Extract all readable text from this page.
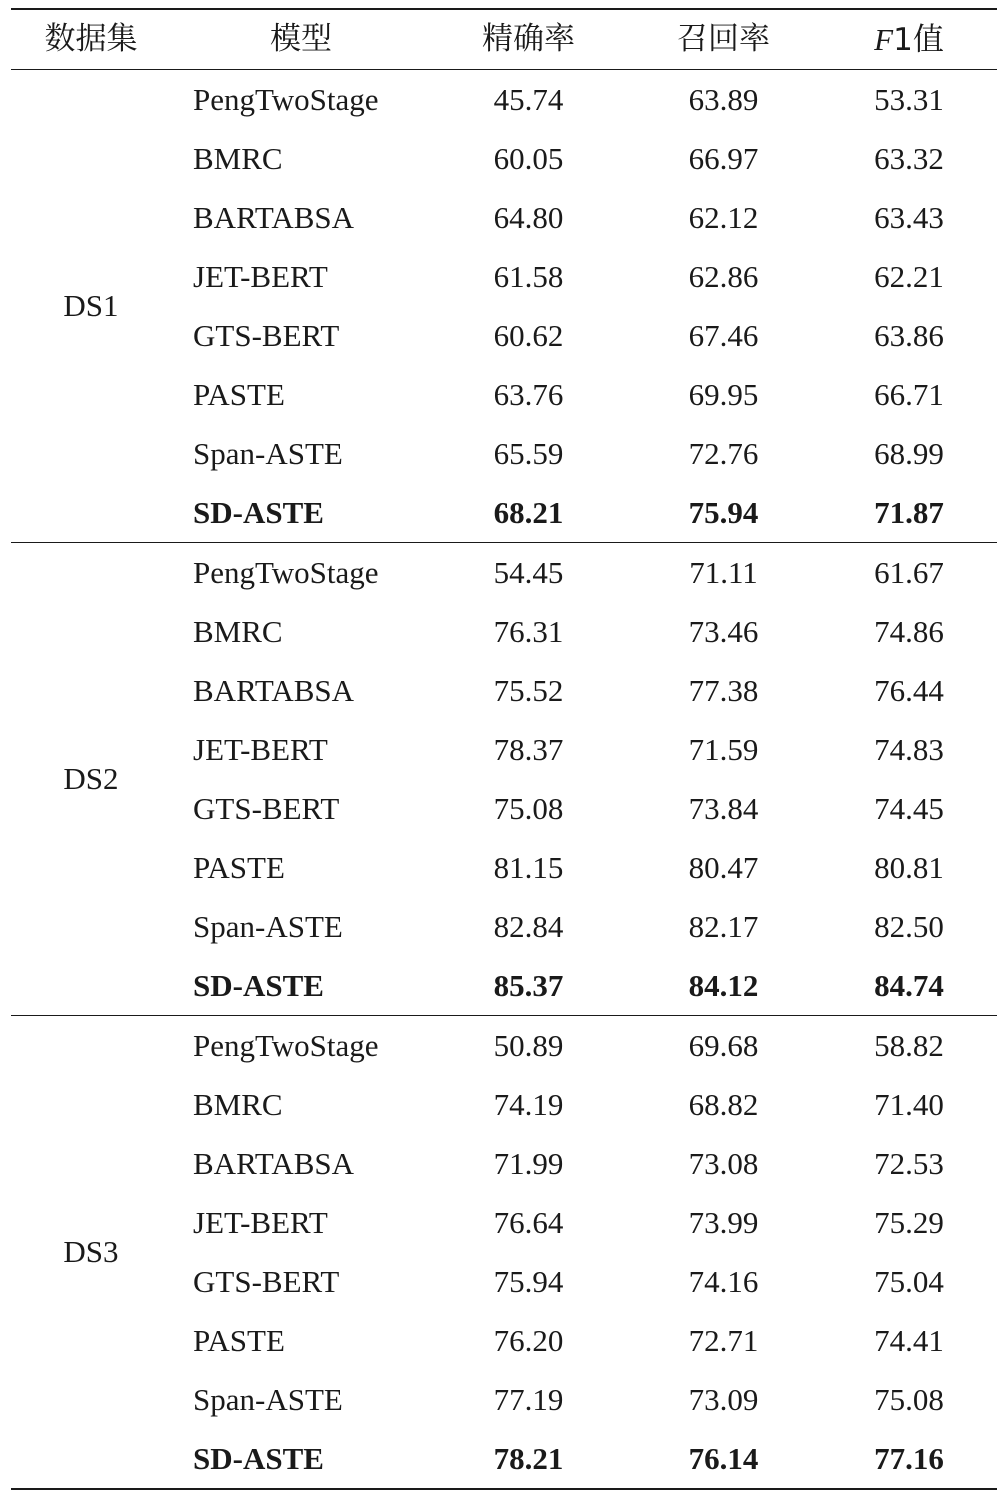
数据集	模型	精确率	召回率	F1值
DS1
PengTwoStage	45.74	63.89	53.31
BMRC	60.05	66.97	63.32
BARTABSA	64.80	62.12	63.43
JET-BERT	61.58	62.86	62.21
GTS-BERT	60.62	67.46	63.86
PASTE	63.76	69.95	66.71
Span-ASTE	65.59	72.76	68.99
SD-ASTE	68.21	75.94	71.87
DS2
PengTwoStage	54.45	71.11	61.67
BMRC	76.31	73.46	74.86
BARTABSA	75.52	77.38	76.44
JET-BERT	78.37	71.59	74.83
GTS-BERT	75.08	73.84	74.45
PASTE	81.15	80.47	80.81
Span-ASTE	82.84	82.17	82.50
SD-ASTE	85.37	84.12	84.74
DS3
PengTwoStage	50.89	69.68	58.82
BMRC	74.19	68.82	71.40
BARTABSA	71.99	73.08	72.53
JET-BERT	76.64	73.99	75.29
GTS-BERT	75.94	74.16	75.04
PASTE	76.20	72.71	74.41
Span-ASTE	77.19	73.09	75.08
SD-ASTE	78.21	76.14	77.16
